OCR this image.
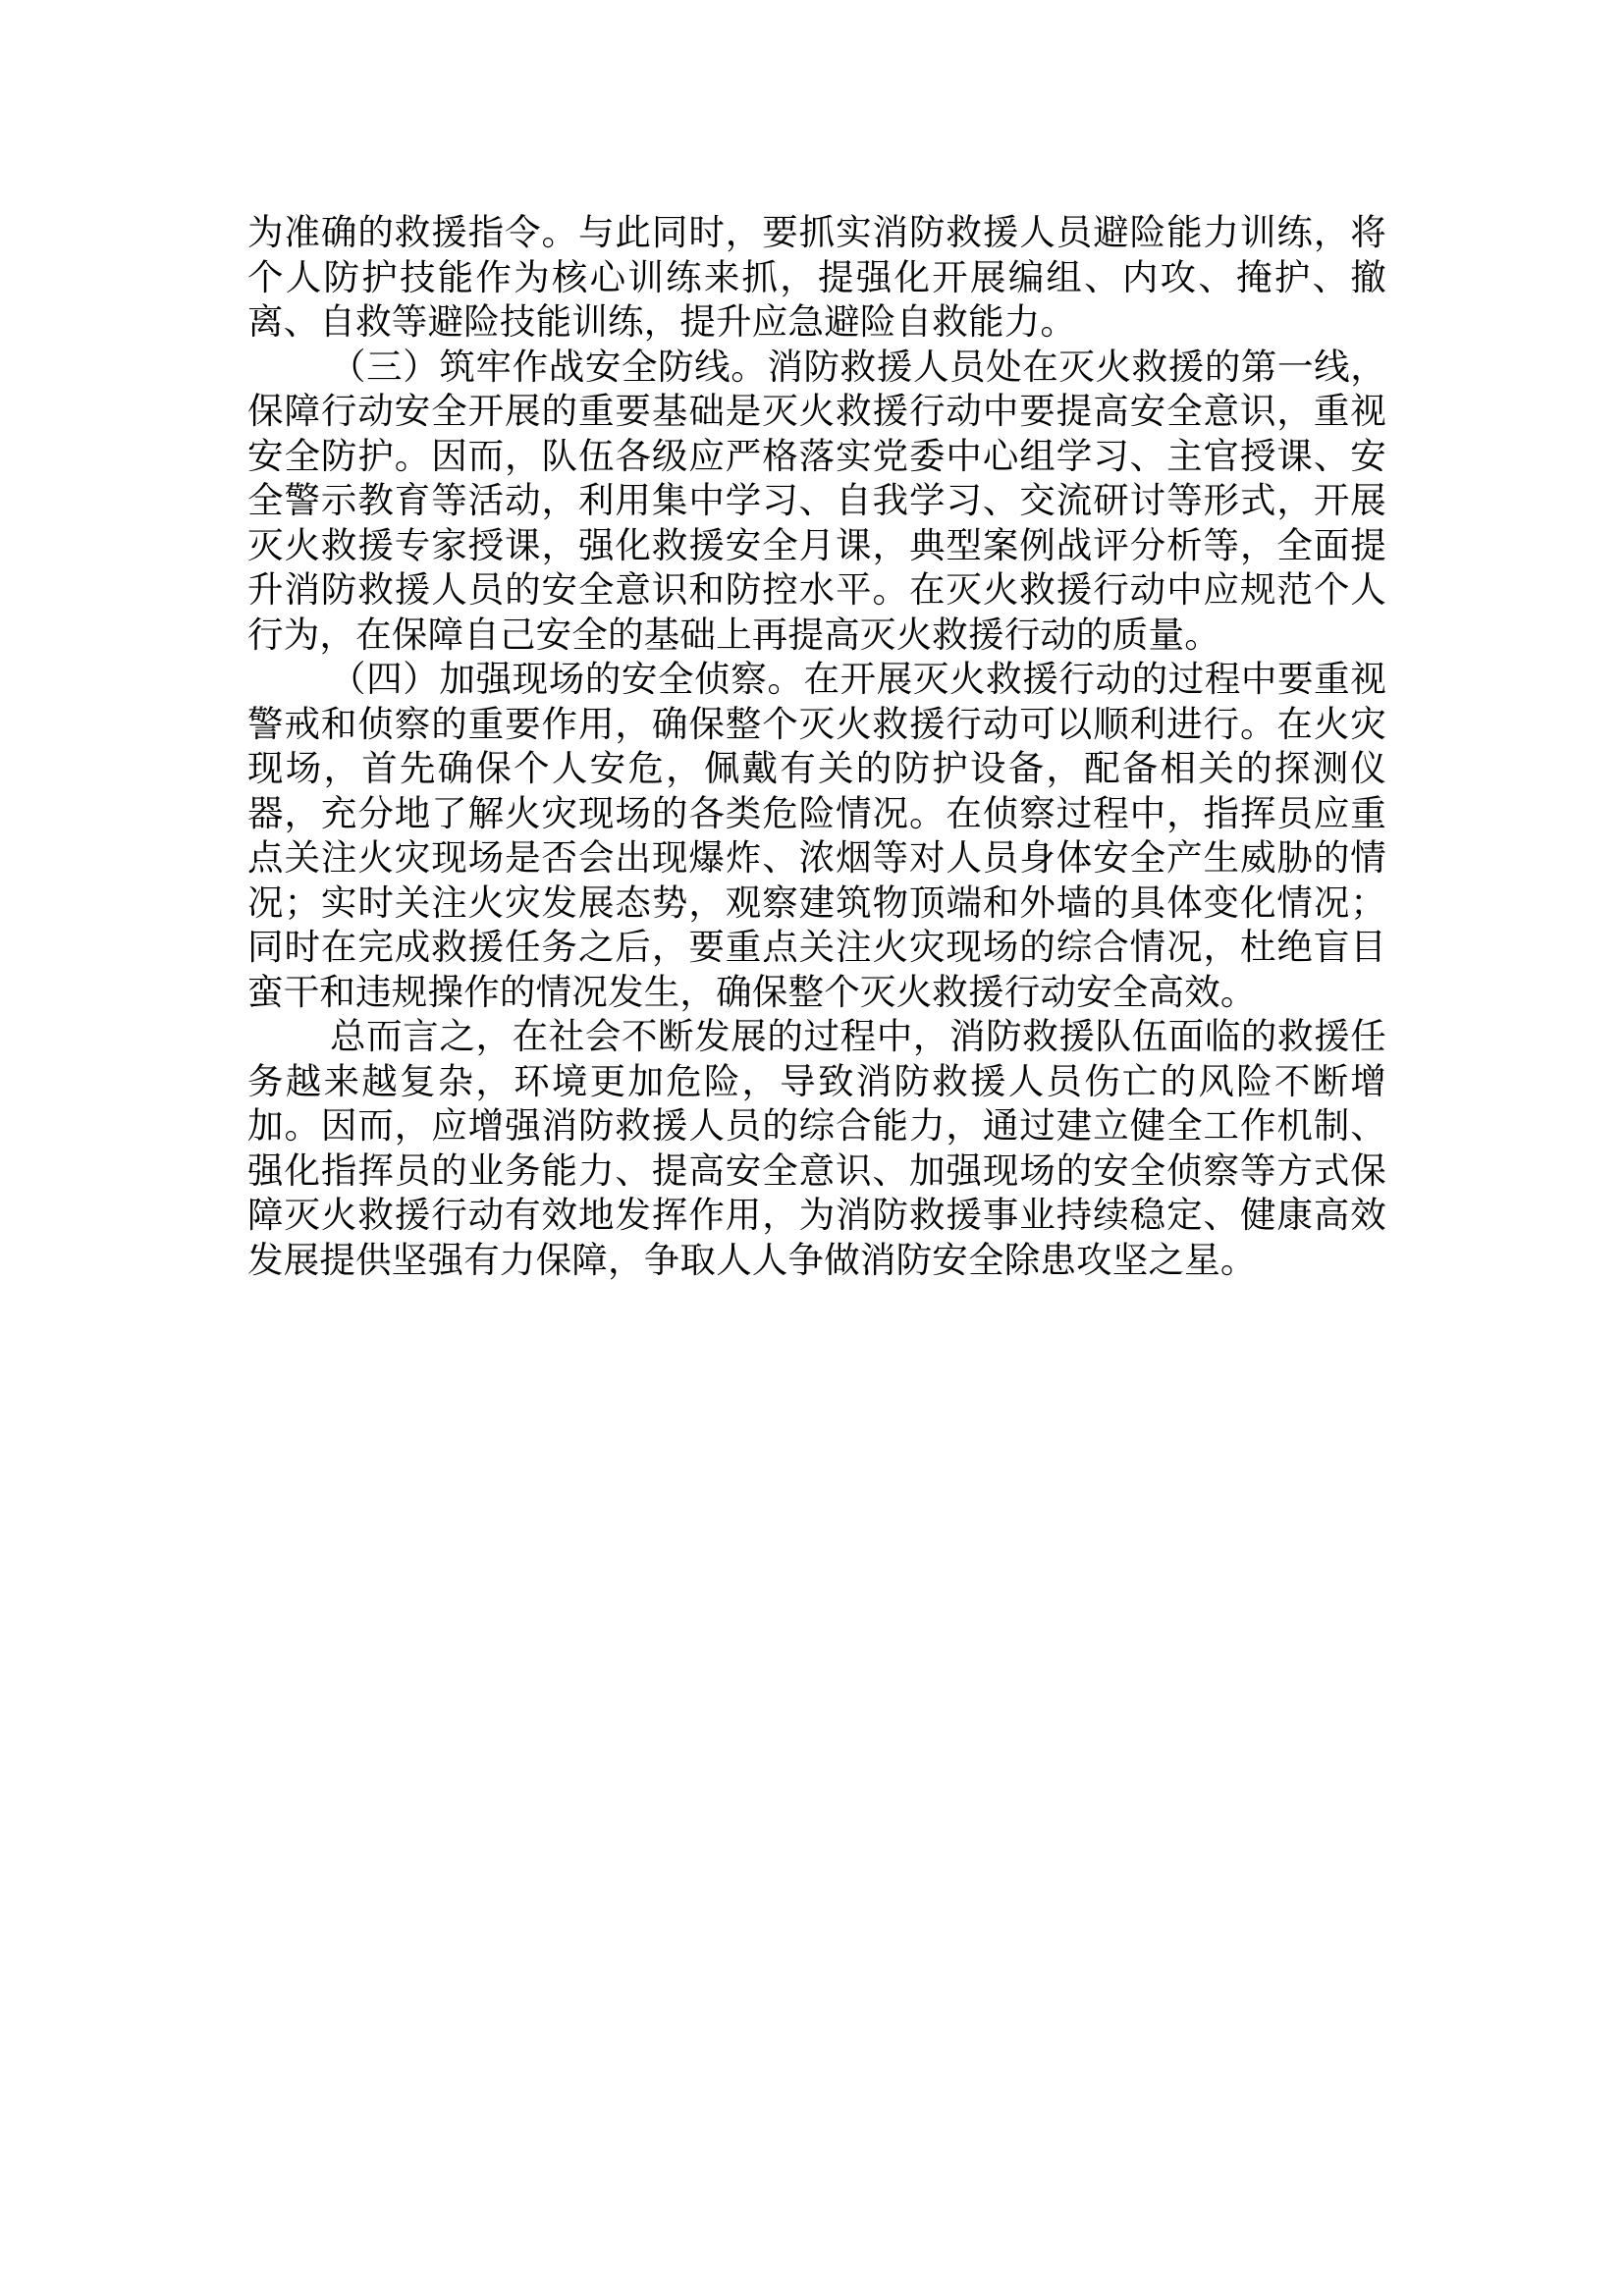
为准确的救援指令。与此同时，要抓实消防救援人员避险能力训练，将个人防护技能作为核心训练来抓，提强化开展编组、内攻、掩护、撤离、自救等避险技能训练，提升应急避险自救能力。

（三）筑牢作战安全防线。消防救援人员处在灭火救援的第一线，保障行动安全开展的重要基础是灭火救援行动中要提高安全意识，重视安全防护。因而，队伍各级应严格落实党委中心组学习、主官授课、安全警示教育等活动，利用集中学习、自我学习、交流研讨等形式，开展灭火救援专家授课，强化救援安全月课，典型案例战评分析等，全面提升消防救援人员的安全意识和防控水平。在灭火救援行动中应规范个人行为，在保障自己安全的基础上再提高灭火救援行动的质量。

（四）加强现场的安全侦察。在开展灭火救援行动的过程中要重视警戒和侦察的重要作用，确保整个灭火救援行动可以顺利进行。在火灾现场，首先确保个人安危，佩戴有关的防护设备，配备相关的探测仪器，充分地了解火灾现场的各类危险情况。在侦察过程中，指挥员应重点关注火灾现场是否会出现爆炸、浓烟等对人员身体安全产生威胁的情况；实时关注火灾发展态势，观察建筑物顶端和外墙的具体变化情况；同时在完成救援任务之后，要重点关注火灾现场的综合情况，杜绝盲目蛮干和违规操作的情况发生，确保整个灭火救援行动安全高效。

总而言之，在社会不断发展的过程中，消防救援队伍面临的救援任务越来越复杂，环境更加危险，导致消防救援人员伤亡的风险不断增加。因而，应增强消防救援人员的综合能力，通过建立健全工作机制、强化指挥员的业务能力、提高安全意识、加强现场的安全侦察等方式保障灭火救援行动有效地发挥作用，为消防救援事业持续稳定、健康高效发展提供坚强有力保障，争取人人争做消防安全除患攻坚之星。
